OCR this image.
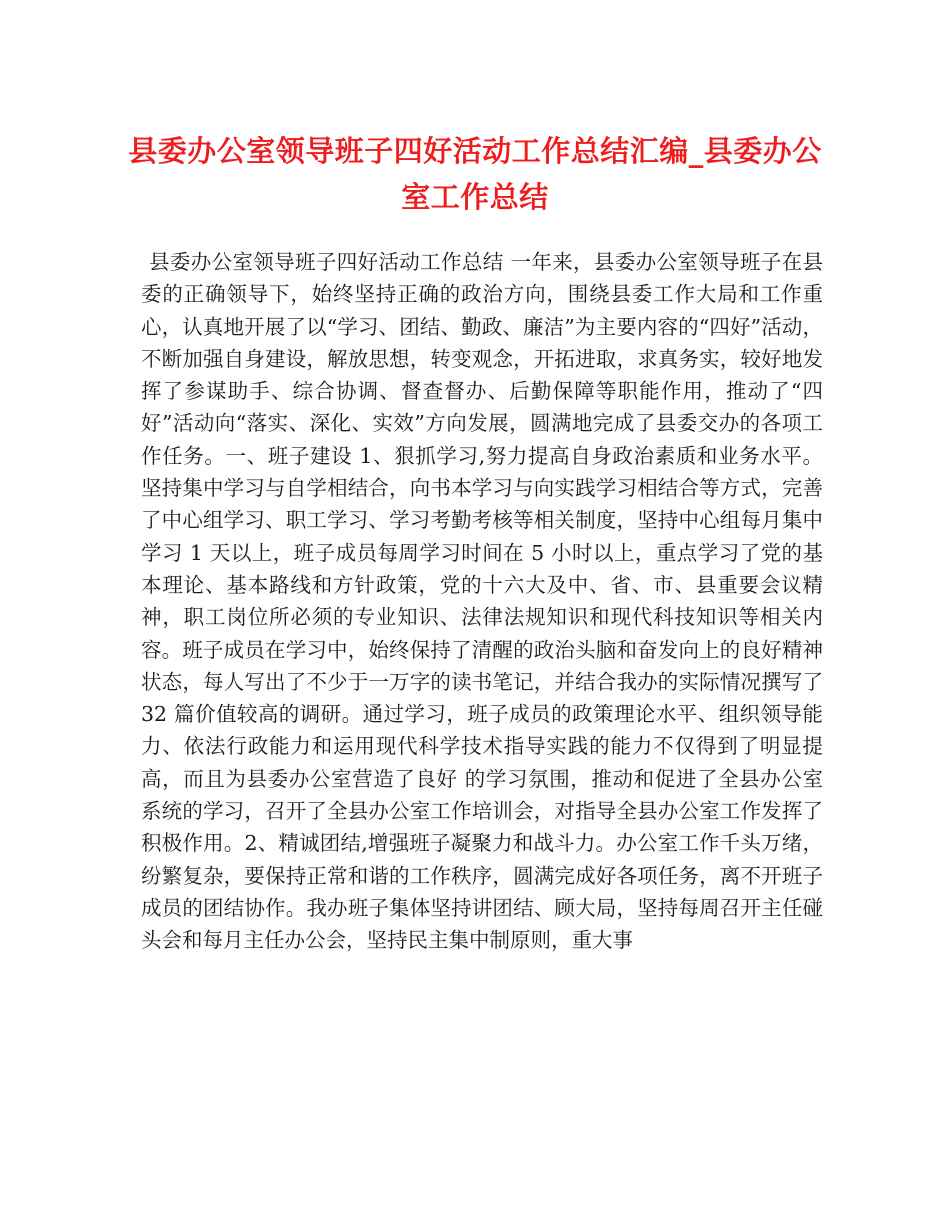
县委办公室领导班子四好活动工作总结汇编_县委办公室工作总结

县委办公室领导班子四好活动工作总结 一年来，县委办公室领导班子在县委的正确领导下，始终坚持正确的政治方向，围绕县委工作大局和工作重心，认真地开展了以“学习、团结、勤政、廉洁”为主要内容的“四好”活动，不断加强自身建设，解放思想，转变观念，开拓进取，求真务实，较好地发挥了参谋助手、综合协调、督查督办、后勤保障等职能作用，推动了“四好”活动向“落实、深化、实效”方向发展，圆满地完成了县委交办的各项工作任务。一、班子建设 1、狠抓学习,努力提高自身政治素质和业务水平。坚持集中学习与自学相结合，向书本学习与向实践学习相结合等方式，完善了中心组学习、职工学习、学习考勤考核等相关制度，坚持中心组每月集中学习 1 天以上，班子成员每周学习时间在 5 小时以上，重点学习了党的基本理论、基本路线和方针政策，党的十六大及中、省、市、县重要会议精神，职工岗位所必须的专业知识、法律法规知识和现代科技知识等相关内容。班子成员在学习中，始终保持了清醒的政治头脑和奋发向上的良好精神状态，每人写出了不少于一万字的读书笔记，并结合我办的实际情况撰写了 32 篇价值较高的调研。通过学习，班子成员的政策理论水平、组织领导能力、依法行政能力和运用现代科学技术指导实践的能力不仅得到了明显提高，而且为县委办公室营造了良好 的学习氛围，推动和促进了全县办公室系统的学习，召开了全县办公室工作培训会，对指导全县办公室工作发挥了积极作用。2、精诚团结,增强班子凝聚力和战斗力。办公室工作千头万绪，纷繁复杂，要保持正常和谐的工作秩序，圆满完成好各项任务，离不开班子成员的团结协作。我办班子集体坚持讲团结、顾大局，坚持每周召开主任碰头会和每月主任办公会，坚持民主集中制原则，重大事
